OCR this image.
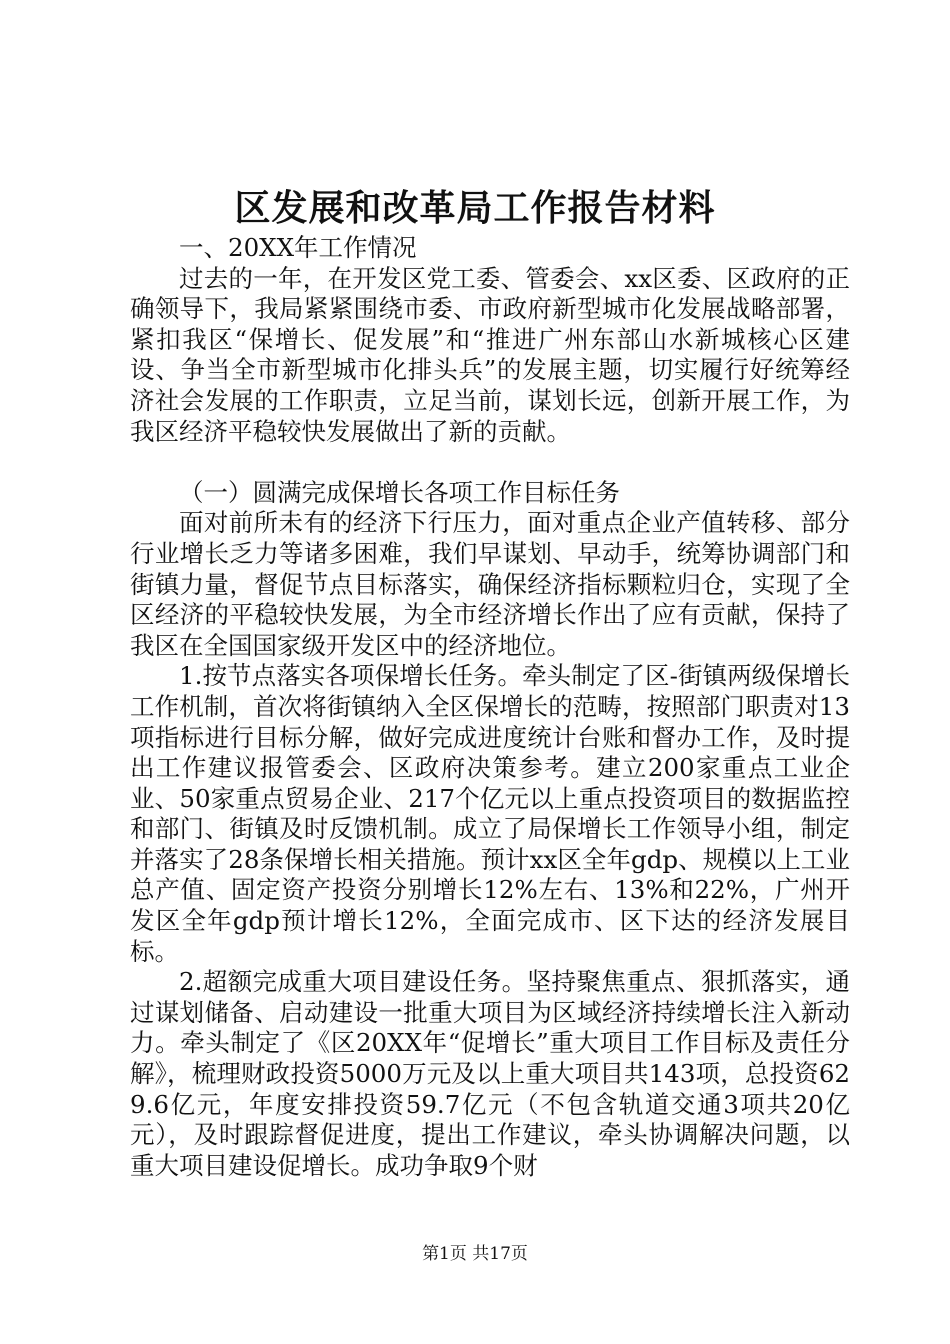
区发展和改革局工作报告材料

一、20XX年工作情况

过去的一年，在开发区党工委、管委会、xx区委、区政府的正确领导下，我局紧紧围绕市委、市政府新型城市化发展战略部署，紧扣我区“保增长、促发展”和“推进广州东部山水新城核心区建设、争当全市新型城市化排头兵”的发展主题，切实履行好统筹经济社会发展的工作职责，立足当前，谋划长远，创新开展工作，为我区经济平稳较快发展做出了新的贡献。

（一）圆满完成保增长各项工作目标任务

面对前所未有的经济下行压力，面对重点企业产值转移、部分行业增长乏力等诸多困难，我们早谋划、早动手，统筹协调部门和街镇力量，督促节点目标落实，确保经济指标颗粒归仓，实现了全区经济的平稳较快发展，为全市经济增长作出了应有贡献，保持了我区在全国国家级开发区中的经济地位。

1.按节点落实各项保增长任务。牵头制定了区-街镇两级保增长工作机制，首次将街镇纳入全区保增长的范畴，按照部门职责对13项指标进行目标分解，做好完成进度统计台账和督办工作，及时提出工作建议报管委会、区政府决策参考。建立200家重点工业企业、50家重点贸易企业、217个亿元以上重点投资项目的数据监控和部门、街镇及时反馈机制。成立了局保增长工作领导小组，制定并落实了28条保增长相关措施。预计xx区全年gdp、规模以上工业总产值、固定资产投资分别增长12%左右、13%和22%，广州开发区全年gdp预计增长12%，全面完成市、区下达的经济发展目标。

2.超额完成重大项目建设任务。坚持聚焦重点、狠抓落实，通过谋划储备、启动建设一批重大项目为区域经济持续增长注入新动力。牵头制定了《区20XX年“促增长”重大项目工作目标及责任分解》，梳理财政投资5000万元及以上重大项目共143项，总投资629.6亿元，年度安排投资59.7亿元（不包含轨道交通3项共20亿元），及时跟踪督促进度，提出工作建议，牵头协调解决问题，以重大项目建设促增长。成功争取9个财

第1页 共17页
